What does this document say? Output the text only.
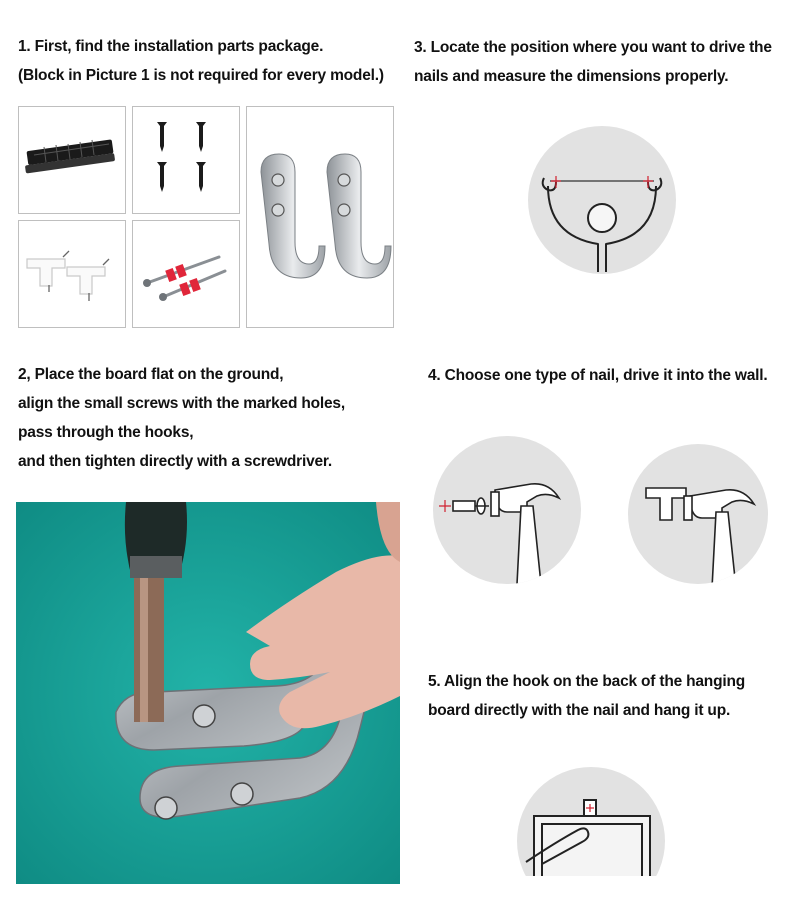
1. First, find the installation parts package.
(Block in Picture 1 is not required for every model.)
3. Locate the position where you want to drive the
nails and measure the dimensions properly.
2, Place the board flat on the ground,
align the small screws with the marked holes,
pass through the hooks,
and then tighten directly with a screwdriver.
4. Choose one type of nail, drive it into the wall.
5. Align the hook on the back of the hanging
board directly with the nail and hang it up.
